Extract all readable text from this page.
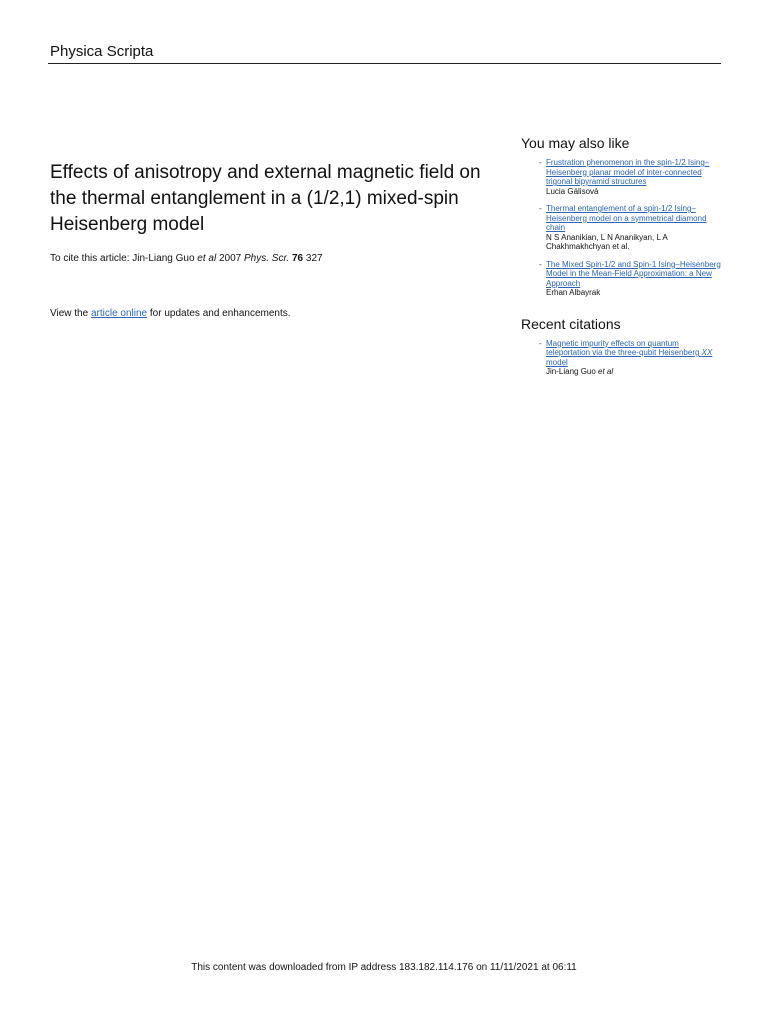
Physica Scripta
Effects of anisotropy and external magnetic field on the thermal entanglement in a (1/2,1) mixed-spin Heisenberg model
To cite this article: Jin-Liang Guo et al 2007 Phys. Scr. 76 327
View the article online for updates and enhancements.
You may also like
- Frustration phenomenon in the spin-1/2 Ising–Heisenberg planar model of inter-connected trigonal bipyramid structures
Lucia Gálisová
- Thermal entanglement of a spin-1/2 Ising–Heisenberg model on a symmetrical diamond chain
N S Ananikian, L N Ananikyan, L A Chakhmakhchyan et al.
- The Mixed Spin-1/2 and Spin-1 Ising–Heisenberg Model in the Mean-Field Approximation: a New Approach
Erhan Albayrak
Recent citations
- Magnetic impurity effects on quantum teleportation via the three-qubit Heisenberg XX model
Jin-Liang Guo et al
This content was downloaded from IP address 183.182.114.176 on 11/11/2021 at 06:11
